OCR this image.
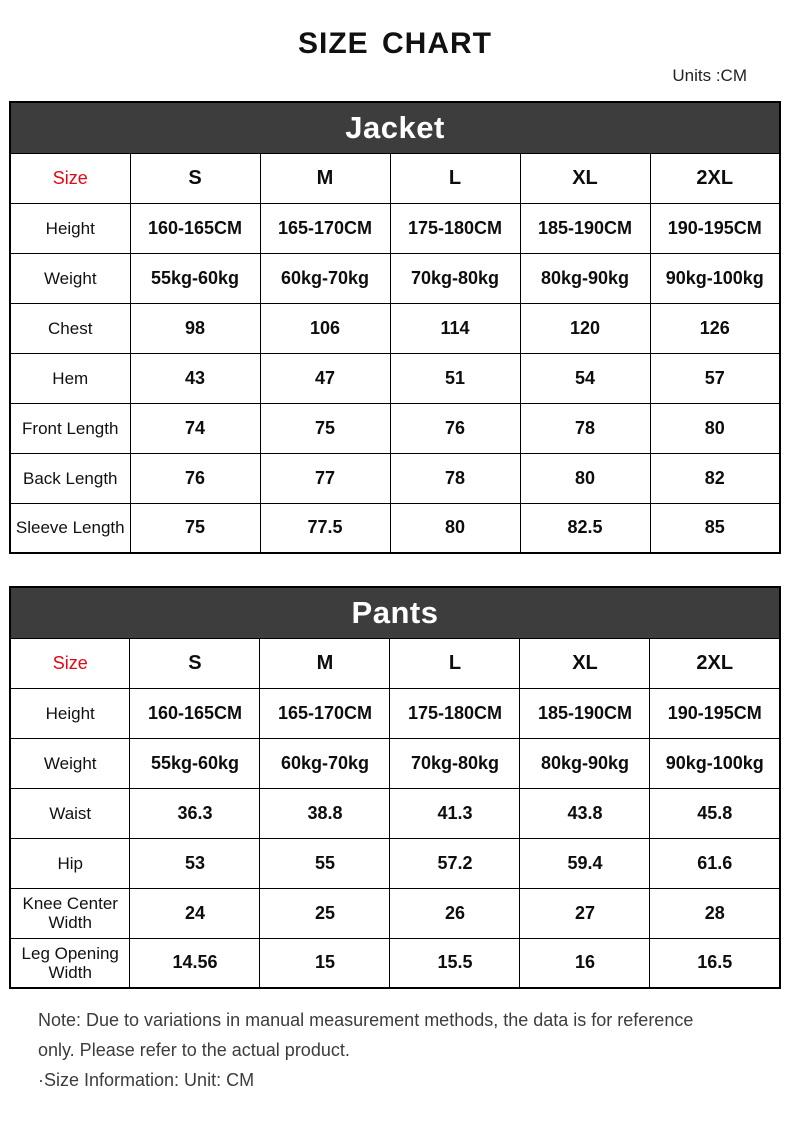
SIZE CHART
Units :CM
Jacket					
Size	S	M	L	XL	2XL
Height	160-165CM	165-170CM	175-180CM	185-190CM	190-195CM
Weight	55kg-60kg	60kg-70kg	70kg-80kg	80kg-90kg	90kg-100kg
Chest	98	106	114	120	126
Hem	43	47	51	54	57
Front Length	74	75	76	78	80
Back Length	76	77	78	80	82
Sleeve Length	75	77.5	80	82.5	85
Pants					
Size	S	M	L	XL	2XL
Height	160-165CM	165-170CM	175-180CM	185-190CM	190-195CM
Weight	55kg-60kg	60kg-70kg	70kg-80kg	80kg-90kg	90kg-100kg
Waist	36.3	38.8	41.3	43.8	45.8
Hip	53	55	57.2	59.4	61.6
Knee Center Width	24	25	26	27	28
Leg Opening Width	14.56	15	15.5	16	16.5
Note: Due to variations in manual measurement methods, the data is for reference
only. Please refer to the actual product.
·Size Information: Unit: CM
